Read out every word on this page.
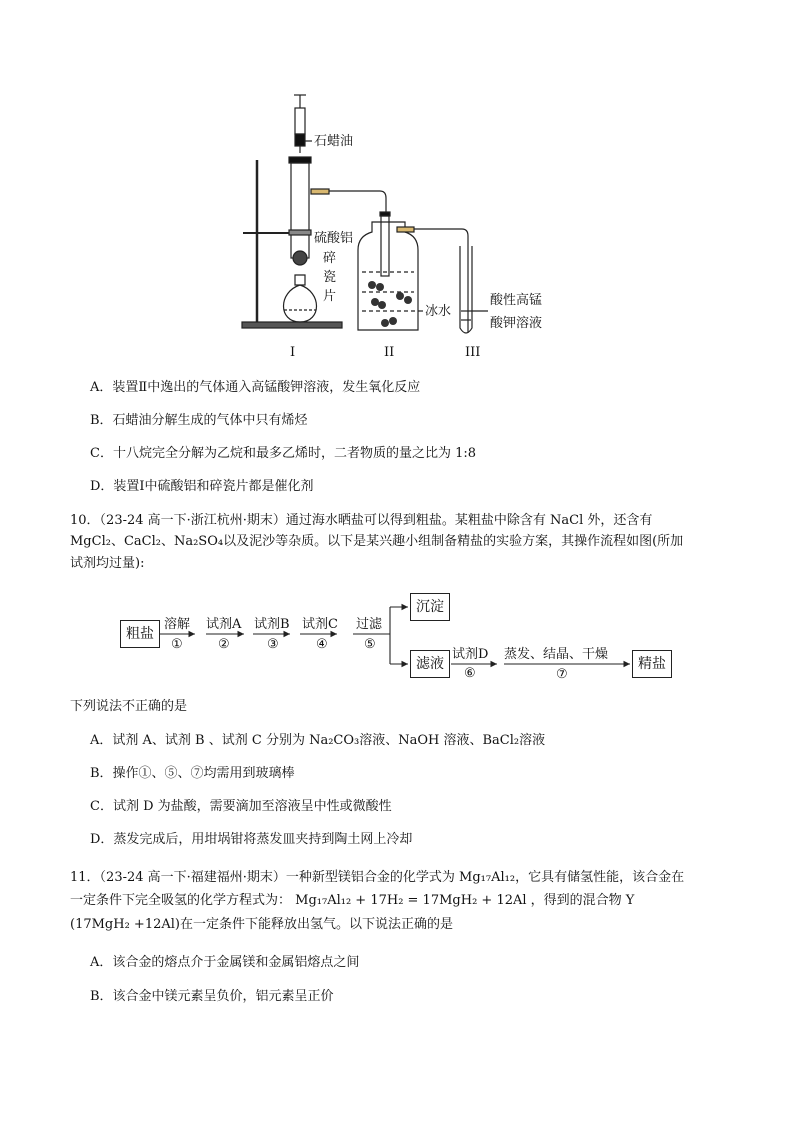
石蜡油
硫酸铝
碎
瓷
片
冰水
酸性高锰
酸钾溶液
I	II	III
A．装置Ⅱ中逸出的气体通入高锰酸钾溶液，发生氧化反应
B．石蜡油分解生成的气体中只有烯烃
C．十八烷完全分解为乙烷和最多乙烯时，二者物质的量之比为 1:8
D．装置Ⅰ中硫酸铝和碎瓷片都是催化剂
10．（23-24 高一下·浙江杭州·期末）通过海水晒盐可以得到粗盐。某粗盐中除含有 NaCl 外，还含有
MgCl₂、CaCl₂、Na₂SO₄以及泥沙等杂质。以下是某兴趣小组制备精盐的实验方案，其操作流程如图(所加
试剂均过量):
粗盐
溶解
①
试剂A
②
试剂B
③
试剂C
④
过滤
⑤
沉淀
滤液
试剂D
⑥
蒸发、结晶、干燥
⑦
精盐
下列说法不正确的是
A．试剂 A、试剂 B 、试剂 C 分别为 Na₂CO₃溶液、NaOH 溶液、BaCl₂溶液
B．操作①、⑤、⑦均需用到玻璃棒
C．试剂 D 为盐酸，需要滴加至溶液呈中性或微酸性
D．蒸发完成后，用坩埚钳将蒸发皿夹持到陶土网上冷却
11．（23-24 高一下·福建福州·期末）一种新型镁铝合金的化学式为 Mg₁₇Al₁₂，它具有储氢性能，该合金在
一定条件下完全吸氢的化学方程式为： Mg₁₇Al₁₂ + 17H₂ = 17MgH₂ + 12Al ，得到的混合物 Y
(17MgH₂ +12Al)在一定条件下能释放出氢气。以下说法正确的是
A．该合金的熔点介于金属镁和金属铝熔点之间
B．该合金中镁元素呈负价，铝元素呈正价
